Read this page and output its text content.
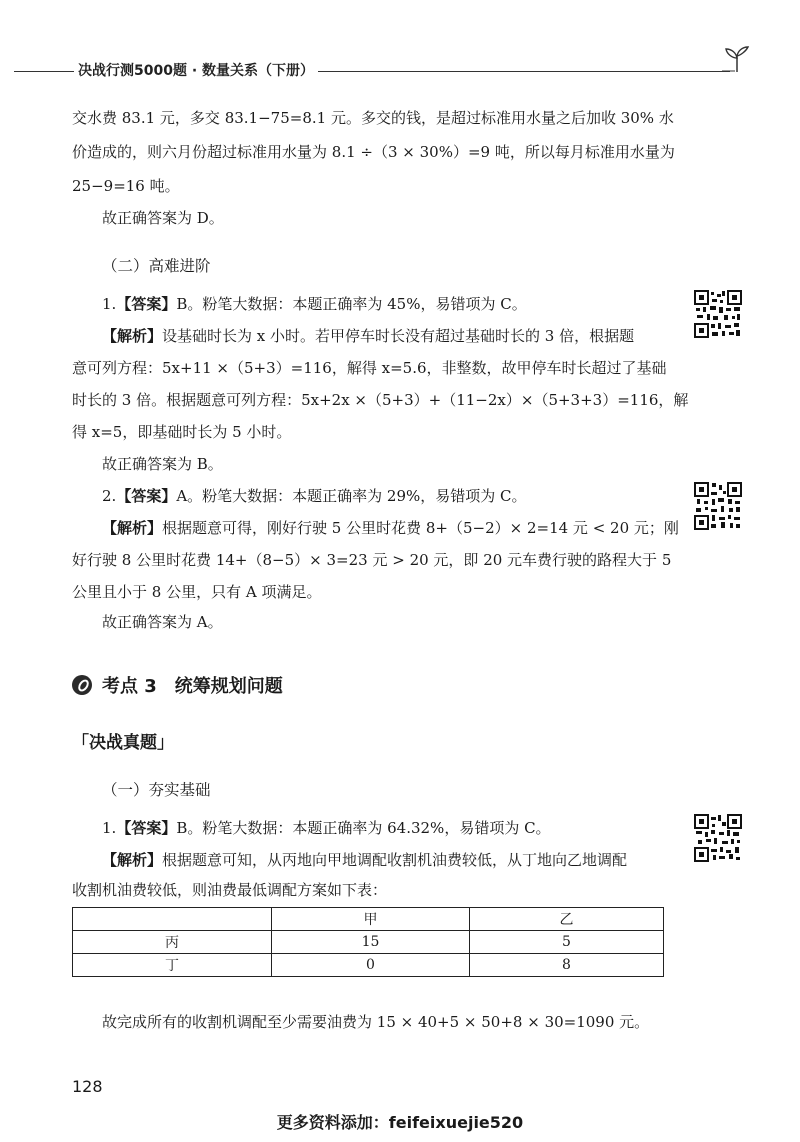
决战行测5000题 · 数量关系（下册）
交水费 83.1 元，多交 83.1−75=8.1 元。多交的钱，是超过标准用水量之后加收 30% 水
价造成的，则六月份超过标准用水量为 8.1 ÷（3 × 30%）=9 吨，所以每月标准用水量为
25−9=16 吨。
故正确答案为 D。
（二）高难进阶
1.【答案】B。粉笔大数据：本题正确率为 45%，易错项为 C。
【解析】设基础时长为 x 小时。若甲停车时长没有超过基础时长的 3 倍，根据题
意可列方程：5x+11 ×（5+3）=116，解得 x=5.6，非整数，故甲停车时长超过了基础
时长的 3 倍。根据题意可列方程：5x+2x ×（5+3）+（11−2x）×（5+3+3）=116，解
得 x=5，即基础时长为 5 小时。
故正确答案为 B。
2.【答案】A。粉笔大数据：本题正确率为 29%，易错项为 C。
【解析】根据题意可得，刚好行驶 5 公里时花费 8+（5−2）× 2=14 元 < 20 元；刚
好行驶 8 公里时花费 14+（8−5）× 3=23 元 > 20 元，即 20 元车费行驶的路程大于 5
公里且小于 8 公里，只有 A 项满足。
故正确答案为 A。
考点 3　统筹规划问题
「决战真题」
（一）夯实基础
1.【答案】B。粉笔大数据：本题正确率为 64.32%，易错项为 C。
【解析】根据题意可知，从丙地向甲地调配收割机油费较低，从丁地向乙地调配
收割机油费较低，则油费最低调配方案如下表：
	甲	乙
丙	15	5
丁	0	8
故完成所有的收割机调配至少需要油费为 15 × 40+5 × 50+8 × 30=1090 元。
128
更多资料添加：feifeixuejie520
